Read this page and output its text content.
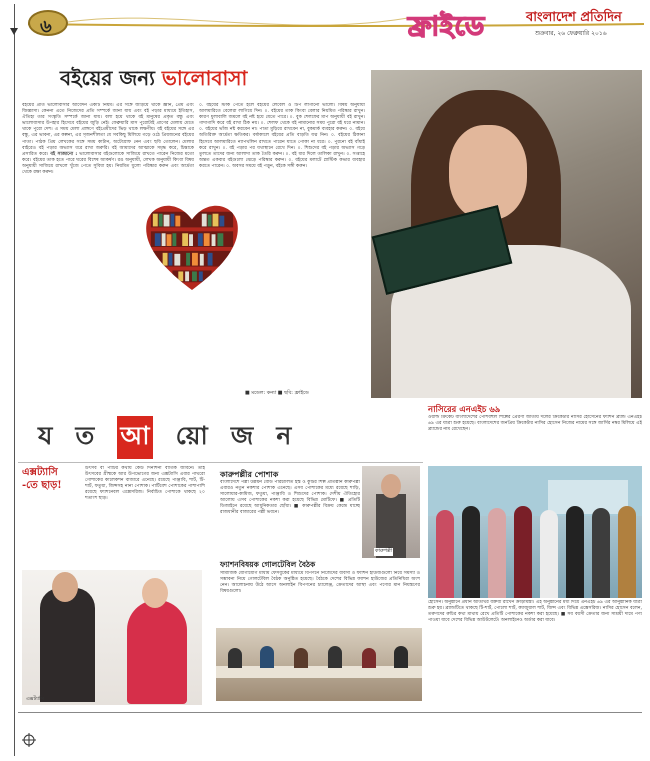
৬	ফ্রাইডে	বাংলাদেশ প্রতিদিন
শুক্রবার, ২৬ ফেব্রুয়ারি ২০১৬
বইয়ের জন্য ভালোবাসা
বইয়ের প্রতি ভালোবাসার আবেদন একটি নিয়ম। এর সঙ্গে জড়িয়ে থাকে জ্ঞান, প্রেম এবং জিজ্ঞাসা। কেননা এতে নিজেদের প্রতি সম্পর্কে জানা যায় এবং বই পড়ার মাধ্যমে ইতিহাস, ঐতিহ্য তার সংস্কৃতি সম্পর্কে জানা যায়। বলা হয়ে থাকে বই মানুষের প্রকৃত বন্ধু এবং ভালোবাসার উপহার হিসেবে বইয়ের জুড়ি নেই। ফেব্রুয়ারি মাস পুরোটাই প্রাণের মেলায় মেতে থাকে পুরো দেশ। এ সময় মেলা প্রাঙ্গণে বইপ্রেমীদের ভিড় থাকে লক্ষণীয়। বই বইয়ের সঙ্গে এর বন্ধু, এর ভাবনা, এর কল্পনা, এর সৃজনশীলতা যে সবকিছু মিলিয়ে গড়ে ওঠে প্রিয়জনের বইয়ের পাতা। পাঠক প্রিয় লেখকের সঙ্গে সময় কাটান, অটোগ্রাফ নেন এবং ছবি তোলেন। মেলার বাইরেও বই পড়ার অভ্যাস ধরে রাখা জরুরি। বই আমাদের আত্মাকে সমৃদ্ধ করে, চিন্তাকে প্রসারিত করে। বই সাজানো : ভালোবাসার বইগুলোকে সাজিয়ে রাখতে পারেন নিজের মতো করে। বইয়ের তাক হতে পারে ঘরের বিশেষ আকর্ষণ। রঙ অনুযায়ী, লেখক অনুযায়ী কিংবা বিষয় অনুযায়ী সাজিয়ে রাখলে খুঁজে পেতে সুবিধা হয়। নিয়মিত ধুলো পরিষ্কার করুন এবং আর্দ্রতা থেকে রক্ষা করুন।
০. বইয়ের স্টাক পেতে হলে বইয়ের লেবেল ও টিপ লাগানো ভালো। বিষয় অনুযায়ী আলমারিতে বেলেরা লাগিয়ে দিন। ০. বইয়ের তাক কিংবা বেলার নিয়মিত পরিষ্কার রাখুন। কারণ ধুলাবালি জমলে বই নষ্ট হয়ে যেতে পারে। ০. বুক শেলফের মাপ অনুযায়ী বই রাখুন। গাদাগাদি করে বই রাখা ঠিক নয়। ০. শেলফ থেকে বই নামানোর সময় পুরো বই ধরে নামান। ০. বইয়ের ভাঁজ নষ্ট করবেন না। পাতা মুড়িয়ে রাখবেন না, বুকমার্ক ব্যবহার করুন। ০. বইয়ে অতিরিক্ত আর্দ্রতা ক্ষতিকর। বর্ষাকালে বইয়ের প্রতি বাড়তি যত্ন নিন। ০. বইয়ের ঠিকানা হিসেবে আলমারিতে ন্যাপথলিন রাখতে পারেন যাতে পোকা না ধরে। ০. পুরনো বই বাঁধাই করে রাখুন। ০. বই পড়ার পর যথাস্থানে রেখে দিন। ০. শিশুদের বই পড়ার অভ্যাস গড়ে তুলতে তাদের জন্য আলাদা তাক তৈরি করুন। ০. বই ধার দিলে তালিকা রাখুন। ০. সপ্তাহে অন্তত একবার বইগুলো ঝেড়ে পরিষ্কার করুন। ০. বইয়ের মলাটে প্লাস্টিক কভার ব্যবহার করতে পারেন। ০. অবসর সময়ে বই পড়ুন, বইকে সঙ্গী করুন।
■ মডেল: কন্যা ■ ছবি: ফ্রাইডে
য ত আ য়ো জ ন
এক্সট্যাসি
-তে ছাড়!
উৎসব বা পার্টির কথায় কেউ দিনশিনা বাতিক জীবনে। তাই উৎসবের গ্রীষ্মকে আর উপভোগের জন্য এক্সট্যাসি এবার পাথরো গোশাকের কালেকশন বাজারে এনেছে। রয়েছে পাঞ্জাবি, শার্ট, টি-শার্ট, ফতুয়া, জিন্সসহ নানা পোশাক। পার্টিবেশ পোশাকের পাশাপাশি রয়েছে ফ্যাশনেবল এক্সেসরিজ। নির্বাচিত পোশাকে থাকছে ২০ শতাংশ ছাড়।
এক্সট্যাসি
কারুপল্লীর পোশাক
বাংলাদেশে পল্লী উন্নয়ন বোর্ড পরিচালিত হস্ত ও কুটির শিল্প প্রতিষ্ঠান কারুপল্লী এবারও নতুন নকশার পোশাক এনেছে। এসব পোশাকের মধ্যে রয়েছে শাড়ি, সালোয়ার-কামিজ, ফতুয়া, পাঞ্জাবি ও শিশুদের পোশাক। দেশীয় ঐতিহ্যের আলোয় এসব পোশাকের নকশা করা হয়েছে বিভিন্ন মোটিফে। ■ প্রতিটি ডিজাইনে রয়েছে আধুনিকতার ছোঁয়া। ■ কারুপল্লীর বিক্রয় কেন্দ্রে যাচ্ছে রাজধানীর বাজারের পল্লী ভবনে।
কারুপল্লী
ফ্যাশনবিষয়ক গোলটেবিল বৈঠক
সামাজিক যোগাযোগ মাধ্যম ফেসবুকের মাধ্যমে বিপণনে নিজেদের ব্যবসা ও ফ্যাশন হাউজগুলো নিয়ে সমস্যা ও সম্ভাবনা নিয়ে গোলটেবিল বৈঠক অনুষ্ঠিত হয়েছে। বৈঠকে দেশের বিভিন্ন ফ্যাশন হাউজের প্রতিনিধিরা অংশ নেন। আলোচনায় উঠে আসে অনলাইন বিপণনের চ্যালেঞ্জ, ক্রেতাদের আস্থা এবং পণ্যের মান নিয়ন্ত্রণের বিষয়গুলো।
নাসিরের এনএইচ ৬৯
ওয়ার্ল্ড ক্রিকেট বাংলাদেশের পেশিবহুল শিল্পের প্রেরণা জাতীয় দলের ক্রিকেটার নাসির হোসেনের ফ্যাশন ব্র্যান্ড এনএইচ ৬৯ এর যাত্রা শুরু হয়েছে। বাংলাদেশের জনপ্রিয় ক্রিকেটার নাসির হোসেন নিজের নামের সঙ্গে জার্সির নম্বর মিলিয়ে এই ব্র্যান্ডের নাম রেখেছেন।
হোসেন। অনুষ্ঠানে প্রধান অতিথির বক্তব্য রাখেন ক্রীড়ামন্ত্রী। এই অনুষ্ঠানের মধ্য দিয়ে এনএইচ ৬৯ এর আনুষ্ঠানিক যাত্রা শুরু হয়। ব্র্যান্ডটিতে থাকছে টি-শার্ট, পোলো শার্ট, ক্যাজুয়াল শার্ট, জিন্স এবং বিভিন্ন এক্সেসরিজ। নাসির হোসেন বলেন, তরুণদের রুচির কথা মাথায় রেখে প্রতিটি পোশাকের নকশা করা হয়েছে। ■ সব বয়সী ক্রেতার জন্য সাশ্রয়ী দামে পণ্য পাওয়া যাবে দেশের বিভিন্ন আউটলেটে। অনলাইনেও অর্ডার করা যাবে।
